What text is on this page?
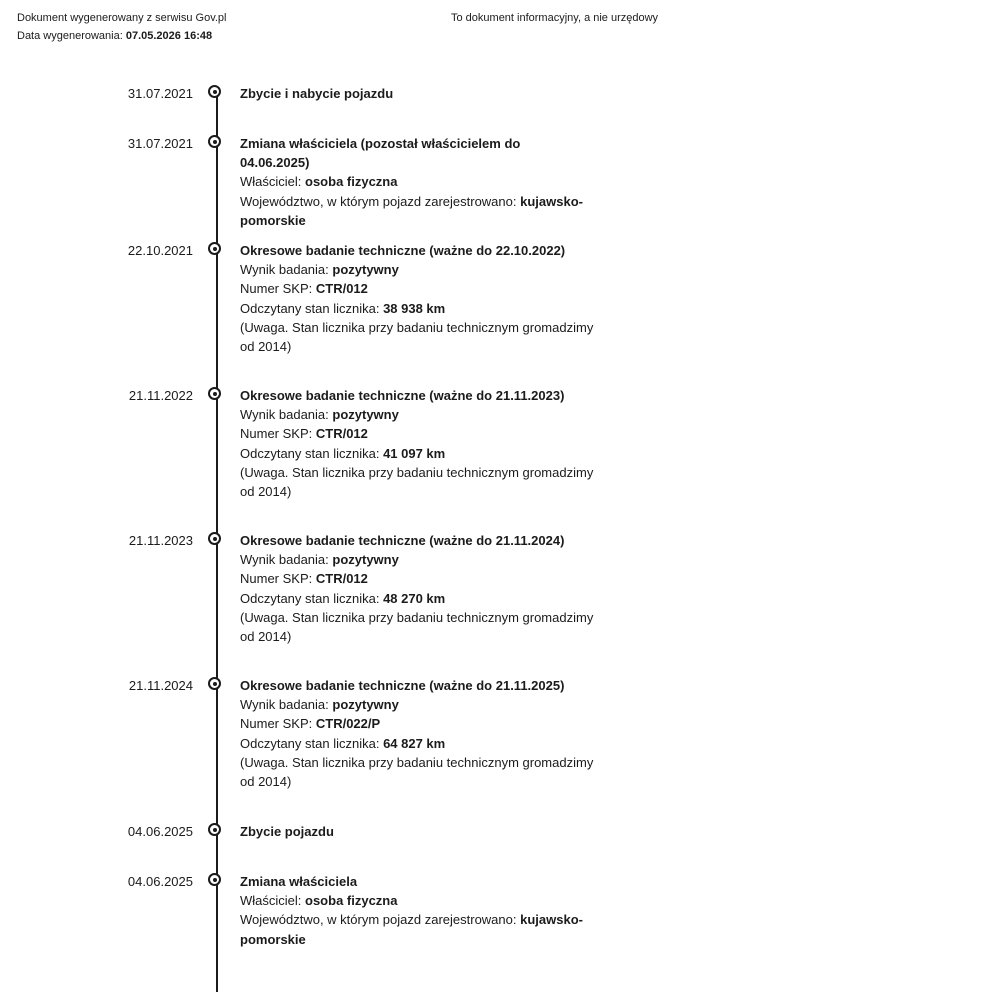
Dokument wygenerowany z serwisu Gov.pl
Data wygenerowania: 07.05.2026 16:48
To dokument informacyjny, a nie urzędowy
31.07.2021	Zbycie i nabycie pojazdu
31.07.2021	Zmiana właściciela (pozostał właścicielem do 04.06.2025)
Właściciel: osoba fizyczna
Województwo, w którym pojazd zarejestrowano: kujawsko-pomorskie
22.10.2021	Okresowe badanie techniczne (ważne do 22.10.2022)
Wynik badania: pozytywny
Numer SKP: CTR/012
Odczytany stan licznika: 38 938 km
(Uwaga. Stan licznika przy badaniu technicznym gromadzimy od 2014)
21.11.2022	Okresowe badanie techniczne (ważne do 21.11.2023)
Wynik badania: pozytywny
Numer SKP: CTR/012
Odczytany stan licznika: 41 097 km
(Uwaga. Stan licznika przy badaniu technicznym gromadzimy od 2014)
21.11.2023	Okresowe badanie techniczne (ważne do 21.11.2024)
Wynik badania: pozytywny
Numer SKP: CTR/012
Odczytany stan licznika: 48 270 km
(Uwaga. Stan licznika przy badaniu technicznym gromadzimy od 2014)
21.11.2024	Okresowe badanie techniczne (ważne do 21.11.2025)
Wynik badania: pozytywny
Numer SKP: CTR/022/P
Odczytany stan licznika: 64 827 km
(Uwaga. Stan licznika przy badaniu technicznym gromadzimy od 2014)
04.06.2025	Zbycie pojazdu
04.06.2025	Zmiana właściciela
Właściciel: osoba fizyczna
Województwo, w którym pojazd zarejestrowano: kujawsko-pomorskie
